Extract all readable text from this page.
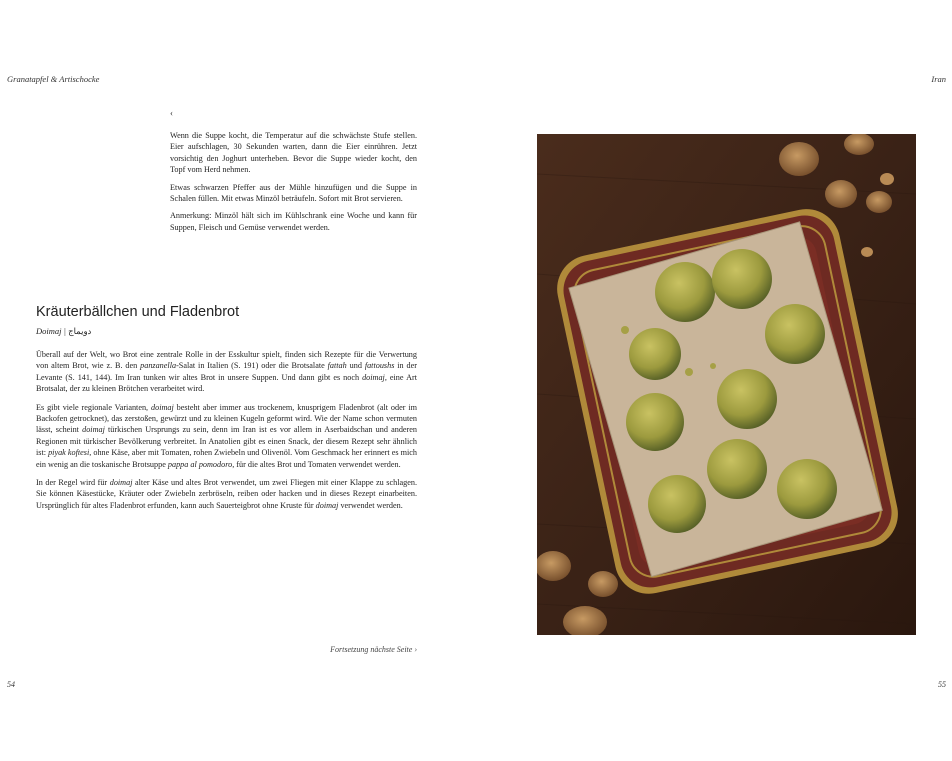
Granatapfel & Artischocke	Iran
‹

Wenn die Suppe kocht, die Temperatur auf die schwächste Stufe stellen. Eier aufschlagen, 30 Sekunden warten, dann die Eier einrühren. Jetzt vorsichtig den Joghurt unterheben. Bevor die Suppe wieder kocht, den Topf vom Herd nehmen.

Etwas schwarzen Pfeffer aus der Mühle hinzufügen und die Suppe in Schalen füllen. Mit etwas Minzöl beträufeln. Sofort mit Brot servieren.

Anmerkung: Minzöl hält sich im Kühlschrank eine Woche und kann für Suppen, Fleisch und Gemüse verwendet werden.

Kräuterbällchen und Fladenbrot
Doimaj | دویماج

Überall auf der Welt, wo Brot eine zentrale Rolle in der Esskultur spielt, finden sich Rezepte für die Verwertung von altem Brot, wie z. B. den panzanella-Salat in Italien (S. 191) oder die Brotsalate fattah und fattoushs in der Levante (S. 141, 144). Im Iran tunken wir altes Brot in unsere Suppen. Und dann gibt es noch doimaj, eine Art Brotsalat, der zu kleinen Brötchen verarbeitet wird.

Es gibt viele regionale Varianten, doimaj besteht aber immer aus trockenem, knusprigem Fladenbrot (alt oder im Backofen getrocknet), das zerstoßen, gewürzt und zu kleinen Kugeln geformt wird. Wie der Name schon vermuten lässt, scheint doimaj türkischen Ursprungs zu sein, denn im Iran ist es vor allem in Aserbaidschan und anderen Regionen mit türkischer Bevölkerung verbreitet. In Anatolien gibt es einen Snack, der diesem Rezept sehr ähnlich ist: piyak koftesi, ohne Käse, aber mit Tomaten, rohen Zwiebeln und Olivenöl. Vom Geschmack her erinnert es mich ein wenig an die toskanische Brotsuppe pappa al pomodoro, für die altes Brot und Tomaten verwendet werden.

In der Regel wird für doimaj alter Käse und altes Brot verwendet, um zwei Fliegen mit einer Klappe zu schlagen. Sie können Käsestücke, Kräuter oder Zwiebeln zerbröseln, reiben oder hacken und in dieses Rezept einarbeiten. Ursprünglich für altes Fladenbrot erfunden, kann auch Sauerteigbrot ohne Kruste für doimaj verwendet werden.

Fortsetzung nächste Seite ›
54	55
